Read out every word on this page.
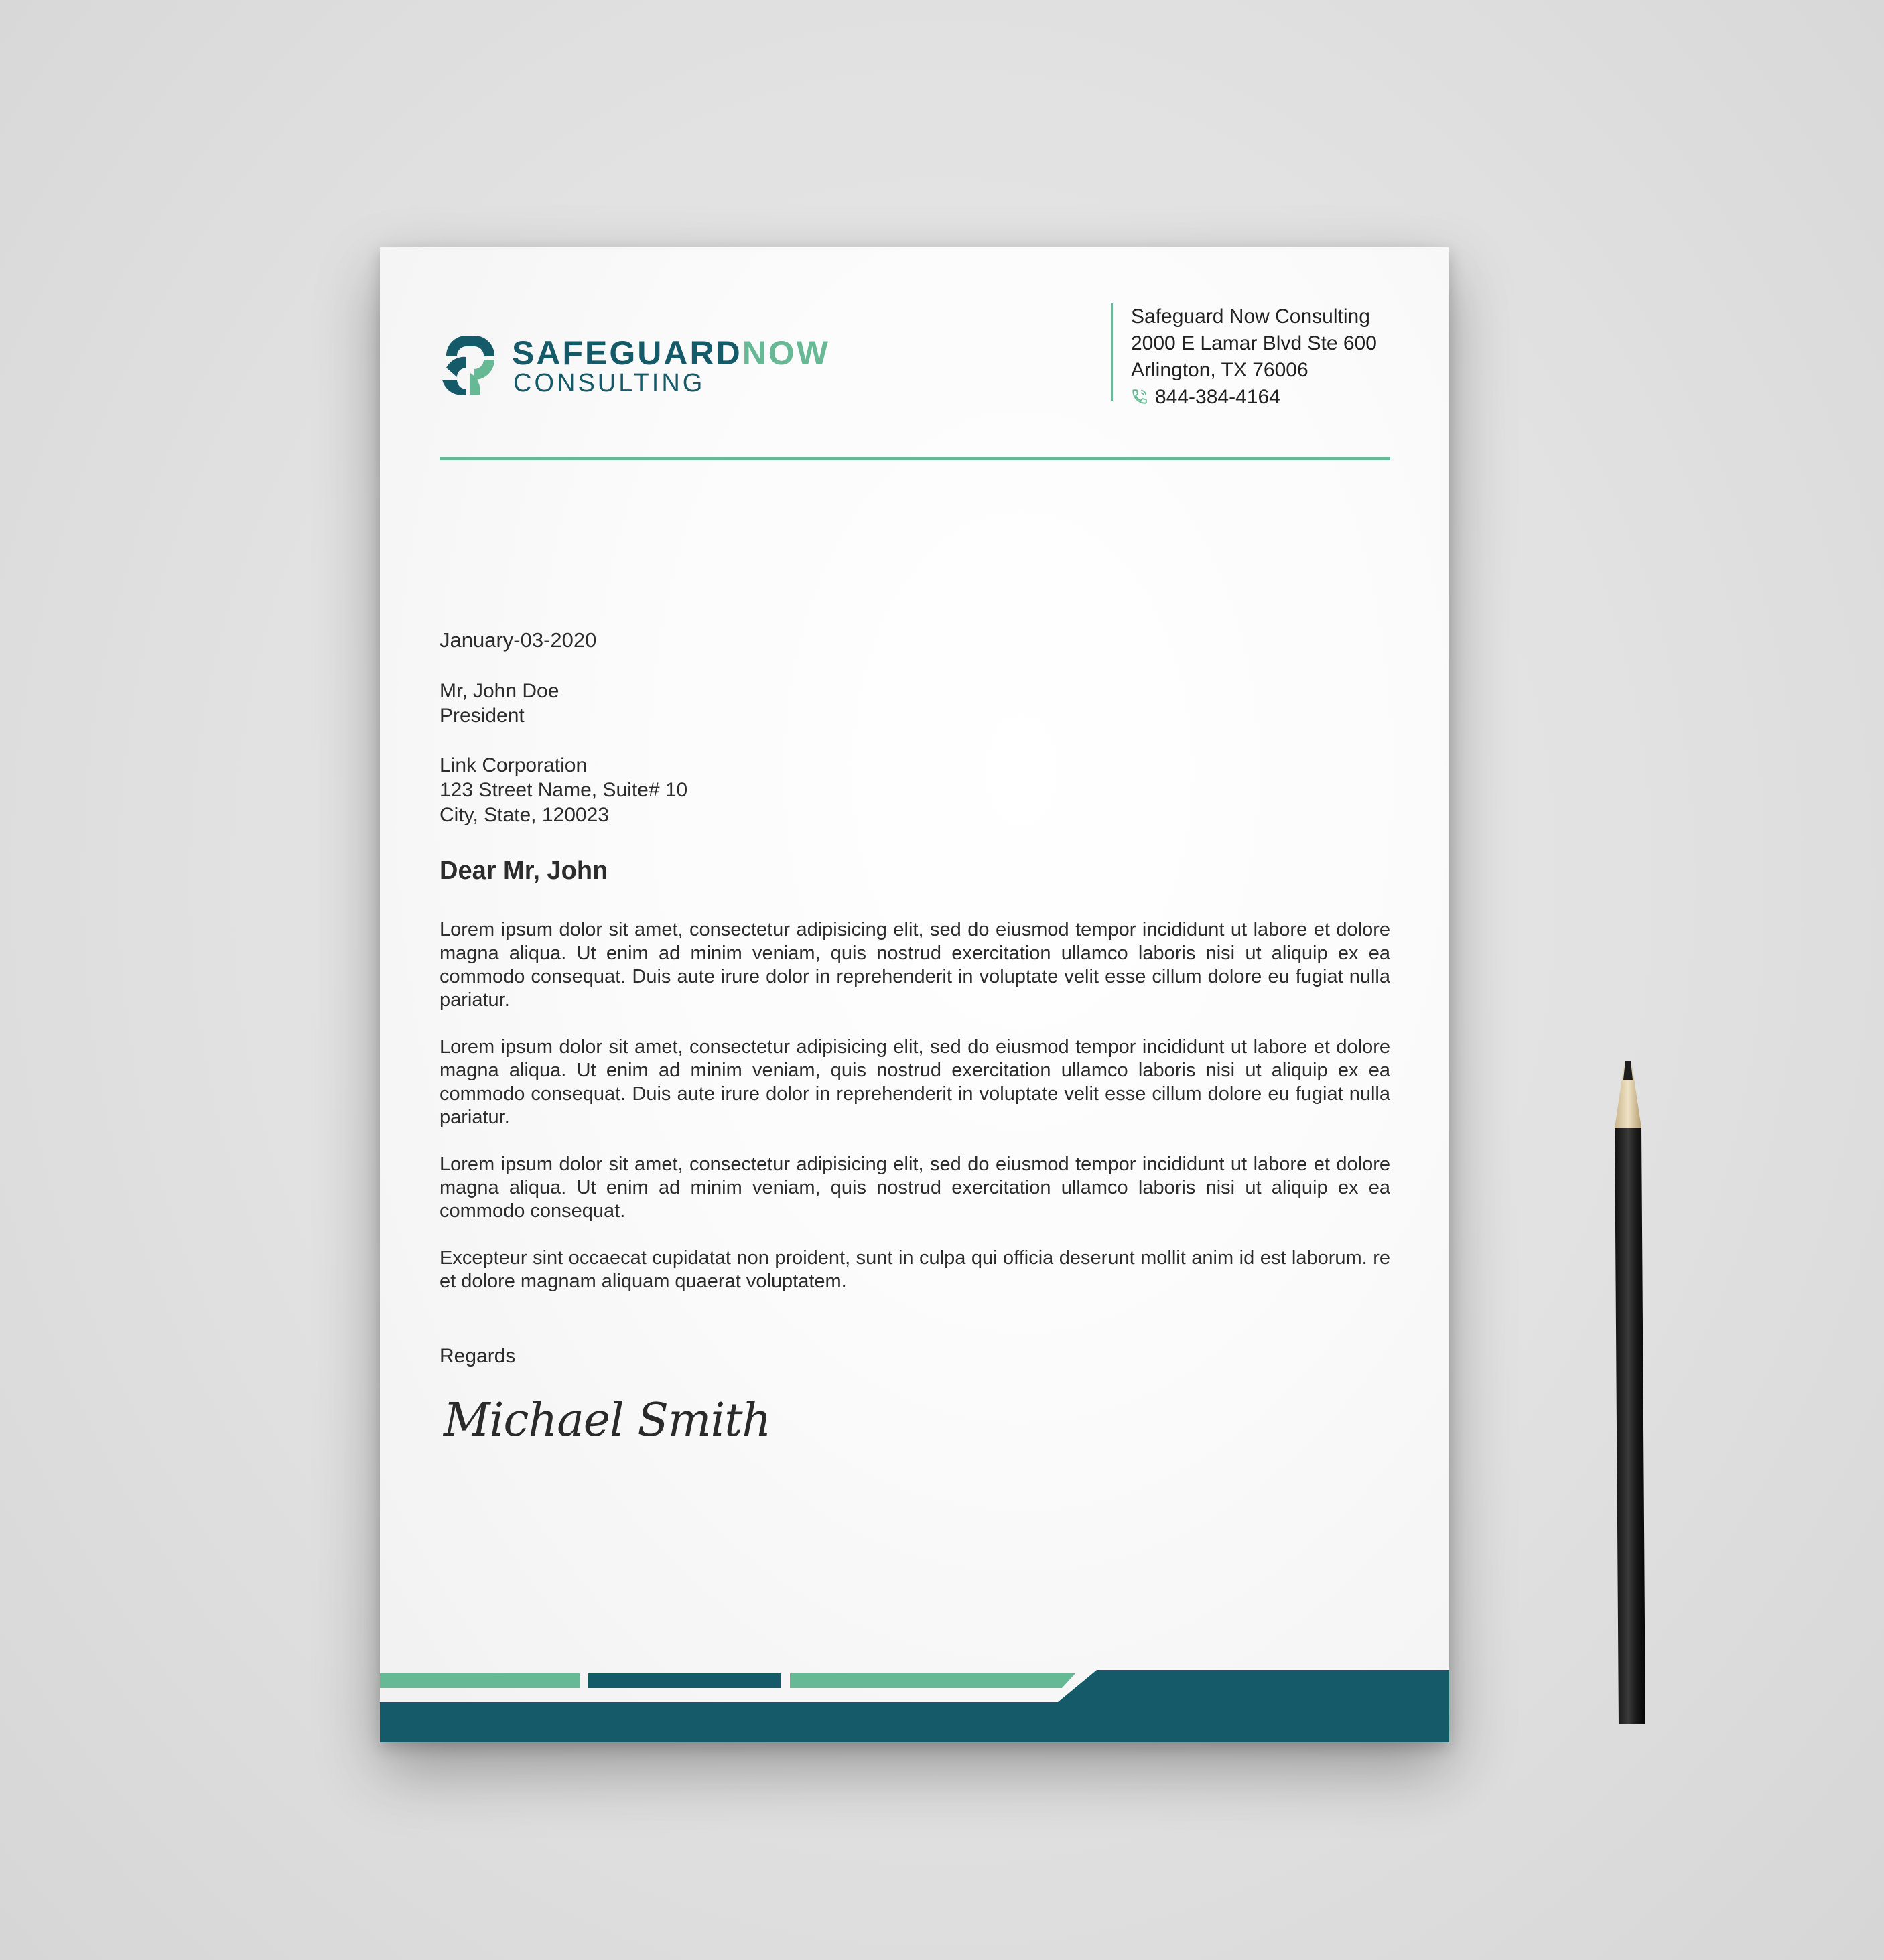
SAFEGUARDNOW
CONSULTING
Safeguard Now Consulting
2000 E Lamar Blvd Ste 600
Arlington, TX 76006
844-384-4164
January-03-2020
Mr, John Doe
President
Link Corporation
123 Street Name, Suite# 10
City, State, 120023
Dear Mr, John

Lorem ipsum dolor sit amet, consectetur adipisicing elit, sed do eiusmod tempor incididunt ut labore et dolore magna aliqua. Ut enim ad minim veniam, quis nostrud exercitation ullamco laboris nisi ut aliquip ex ea commodo consequat. Duis aute irure dolor in reprehenderit in voluptate velit esse cillum dolore eu fugiat nulla pariatur.

Lorem ipsum dolor sit amet, consectetur adipisicing elit, sed do eiusmod tempor incididunt ut labore et dolore magna aliqua. Ut enim ad minim veniam, quis nostrud exercitation ullamco laboris nisi ut aliquip ex ea commodo consequat. Duis aute irure dolor in reprehenderit in voluptate velit esse cillum dolore eu fugiat nulla pariatur.

Lorem ipsum dolor sit amet, consectetur adipisicing elit, sed do eiusmod tempor incididunt ut labore et dolore magna aliqua. Ut enim ad minim veniam, quis nostrud exercitation ullamco laboris nisi ut aliquip ex ea commodo consequat.

Excepteur sint occaecat cupidatat non proident, sunt in culpa qui officia deserunt mollit anim id est laborum. re et dolore magnam aliquam quaerat voluptatem.

Regards
Michael Smith
